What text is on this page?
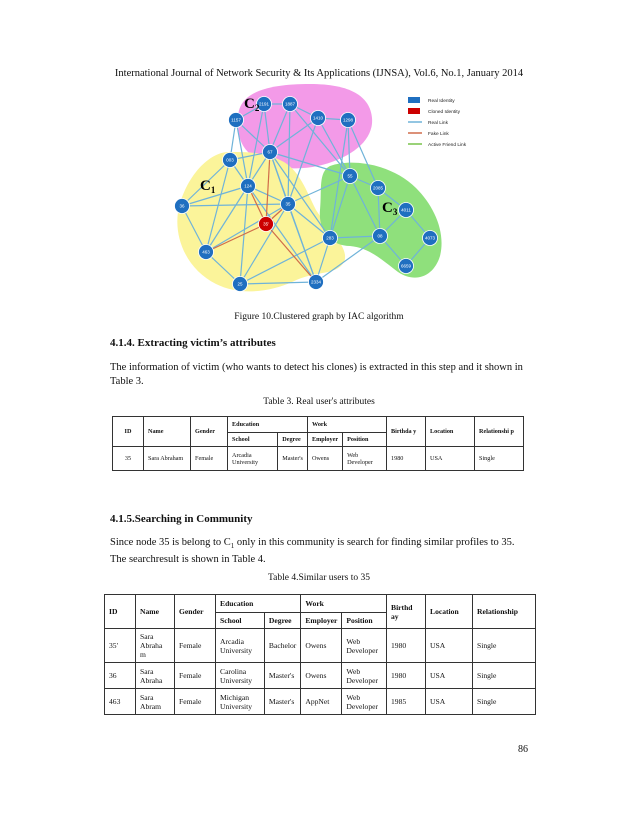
International Journal of Network Security & Its Applications (IJNSA), Vol.6, No.1, January 2014
2191	1887
1157	1410	1298
67
003
124
36	35
35'
463
25	2334
55
2085
4011
283	08	4073
6659
$C_2$
$C_1$
$C_3$
Real Identity
Cloned Identity
Real Link
Fake Link
Active Friend Link
Figure 10.Clustered graph by IAC algorithm
4.1.4. Extracting victim’s attributes
The information of victim (who wants to detect his clones) is extracted in this step and it shown in
Table 3.
Table 3. Real user's attributes
ID	Name	Gender	Education		Work		Birthda y	Location	Relationshi p
			School	Degree	Employer	Position			
35	Sara Abraham	Female	Arcadia University	Master's	Owens	Web Developer	1980	USA	Single
4.1.5.Searching in Community
Since node 35 is belong to $C_1$ only in this community is search for finding similar profiles to 35.
The searchresult is shown in Table 4.
Table 4.Similar users to 35
ID	Name	Gender	Education		Work		Birthd ay	Location	Relationship
			School	Degree	Employer	Position			
35'	Sara Abraha m	Female	Arcadia University	Bachelor	Owens	Web Developer	1980	USA	Single
36	Sara Abraha	Female	Carolina University	Master's	Owens	Web Developer	1980	USA	Single
463	Sara Abram	Female	Michigan University	Master's	AppNet	Web Developer	1985	USA	Single
86
